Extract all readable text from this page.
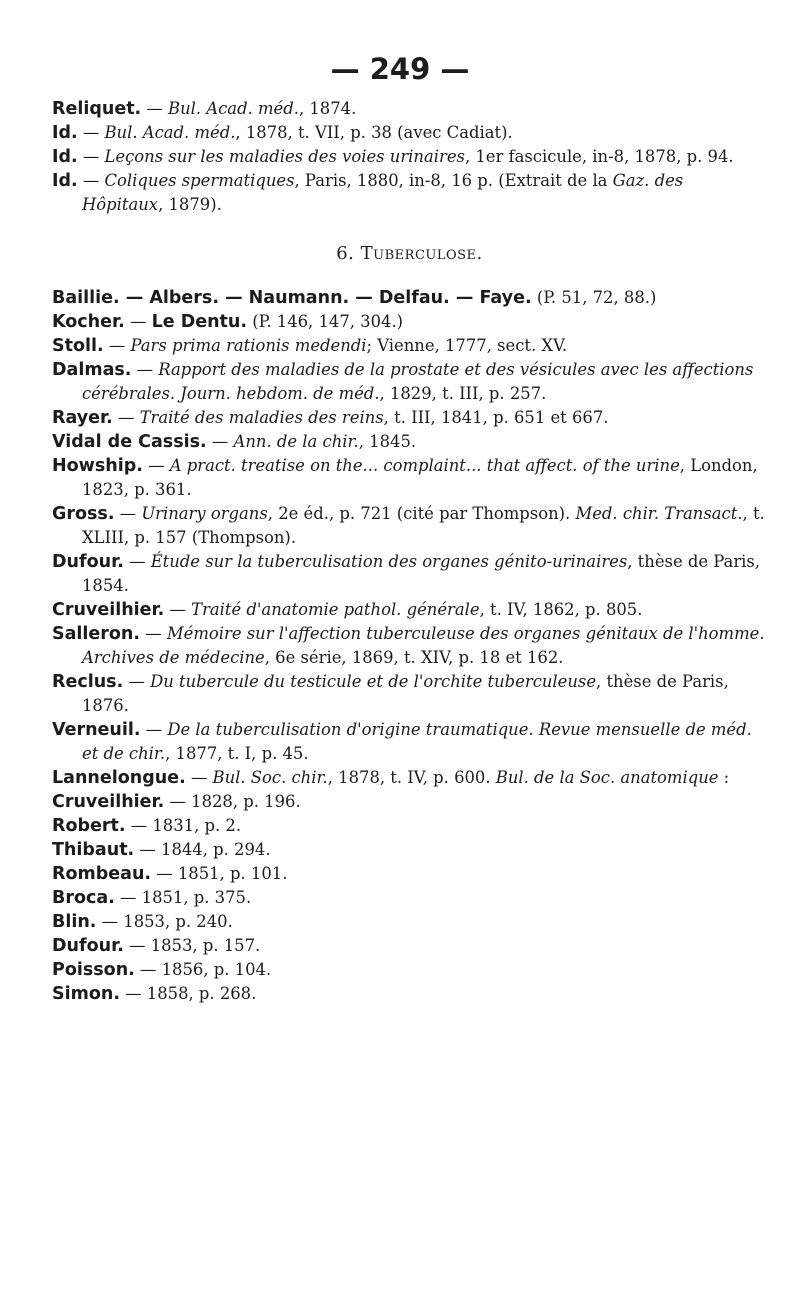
— 249 —
Reliquet. — Bul. Acad. méd., 1874.
Id. — Bul. Acad. méd., 1878, t. VII, p. 38 (avec Cadiat).
Id. — Leçons sur les maladies des voies urinaires, 1er fascicule, in-8, 1878, p. 94.
Id. — Coliques spermatiques, Paris, 1880, in-8, 16 p. (Extrait de la Gaz. des Hôpitaux, 1879).
6. Tuberculose.
Baillie. — Albers. — Naumann. — Delfau. — Faye. (P. 51, 72, 88.)
Kocher. — Le Dentu. (P. 146, 147, 304.)
Stoll. — Pars prima rationis medendi; Vienne, 1777, sect. XV.
Dalmas. — Rapport des maladies de la prostate et des vésicules avec les affections cérébrales. Journ. hebdom. de méd., 1829, t. III, p. 257.
Rayer. — Traité des maladies des reins, t. III, 1841, p. 651 et 667.
Vidal de Cassis. — Ann. de la chir., 1845.
Howship. — A pract. treatise on the... complaint... that affect. of the urine, London, 1823, p. 361.
Gross. — Urinary organs, 2e éd., p. 721 (cité par Thompson). Med. chir. Transact., t. XLIII, p. 157 (Thompson).
Dufour. — Étude sur la tuberculisation des organes génito-urinaires, thèse de Paris, 1854.
Cruveilhier. — Traité d'anatomie pathol. générale, t. IV, 1862, p. 805.
Salleron. — Mémoire sur l'affection tuberculeuse des organes génitaux de l'homme. Archives de médecine, 6e série, 1869, t. XIV, p. 18 et 162.
Reclus. — Du tubercule du testicule et de l'orchite tuberculeuse, thèse de Paris, 1876.
Verneuil. — De la tuberculisation d'origine traumatique. Revue mensuelle de méd. et de chir., 1877, t. I, p. 45.
Lannelongue. — Bul. Soc. chir., 1878, t. IV, p. 600. Bul. de la Soc. anatomique :
Cruveilhier. — 1828, p. 196.
Robert. — 1831, p. 2.
Thibaut. — 1844, p. 294.
Rombeau. — 1851, p. 101.
Broca. — 1851, p. 375.
Blin. — 1853, p. 240.
Dufour. — 1853, p. 157.
Poisson. — 1856, p. 104.
Simon. — 1858, p. 268.
